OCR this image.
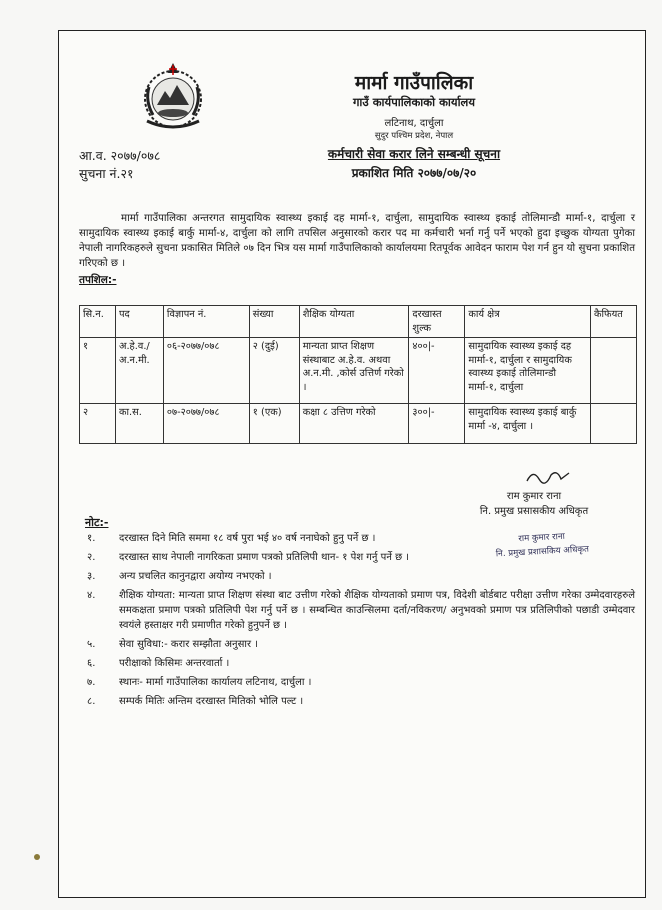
मार्मा गाउँपालिका
गाउँ कार्यपालिकाको कार्यालय
लटिनाथ, दार्चुला
सुदुर पश्चिम प्रदेश, नेपाल
कर्मचारी सेवा करार लिने सम्बन्धी सूचना
प्रकाशित मिति २०७७/०७/२०
आ.व. २०७७/०७८
सुचना नं.२१
मार्मा गाउँपालिका अन्तरगत सामुदायिक स्वास्थ्य इकाई दह मार्मा-१, दार्चुला, सामुदायिक स्वास्थ्य इकाई तोलिमान्डौ मार्मा-१, दार्चुला र सामुदायिक स्वास्थ्य इकाई बार्कु मार्मा-४, दार्चुला को लागि तपसिल अनुसारको करार पद मा कर्मचारी भर्ना गर्नु पर्ने भएको हुदा इच्छुक योग्यता पुगेका नेपाली नागरिकहरुले सुचना प्रकासित मितिले ०७ दिन भित्र यस मार्मा गाउँपालिकाको कार्यालयमा रितपूर्वक आवेदन फाराम पेश गर्न हुन यो सुचना प्रकाशित गरिएको छ ।
तपशिल:-
सि.न.	पद	विज्ञापन नं.	संख्या	शैक्षिक योग्यता	दरखास्त शुल्क	कार्य क्षेत्र	कैफियत
१	अ.हे.व./ अ.न.मी.	०६-२०७७/०७८	२ (दुई)	मान्यता प्राप्त शिक्षण संस्थाबाट अ.हे.व. अथवा अ.न.मी. ,कोर्स उत्तिर्ण गरेको ।	४००|-	सामुदायिक स्वास्थ्य इकाई दह मार्मा-१, दार्चुला र सामुदायिक स्वास्थ्य इकाई तोलिमान्डौ मार्मा-१, दार्चुला	
२	का.स.	०७-२०७७/०७८	१ (एक)	कक्षा ८ उत्तिण गरेको	३००|-	सामुदायिक स्वास्थ्य इकाई बार्कु मार्मा -४, दार्चुला ।	
राम कुमार राना
नि. प्रमुख प्रसासकीय अधिकृत
राम कुमार राना
नि. प्रमुख प्रशासकिय अधिकृत
नोट:-
१. दरखास्त दिने मिति सममा १८ वर्ष पुरा भई ४० वर्ष ननाघेको हुनु पर्ने छ ।
२. दरखास्त साथ नेपाली नागरिकता प्रमाण पत्रको प्रतिलिपी थान- १ पेश गर्नु पर्ने छ ।
३. अन्य प्रचलित कानुनद्वारा अयोग्य नभएको ।
४. शैक्षिक योग्यता: मान्यता प्राप्त शिक्षण संस्था बाट उत्तीण गरेको शैक्षिक योग्यताको प्रमाण पत्र, विदेशी बोर्डबाट परीक्षा उत्तीण गरेका उम्मेदवारहरुले समकक्षता प्रमाण पत्रको प्रतिलिपी पेश गर्नु पर्ने छ । सम्बन्धित काउन्सिलमा दर्ता/नविकरण/ अनुभवको प्रमाण पत्र प्रतिलिपीको पछाडी उम्मेदवार स्वयंले हस्ताक्षर गरी प्रमाणीत गरेको हुनुपर्ने छ ।
५. सेवा सुविधा:- करार सम्झौता अनुसार ।
६. परीक्षाको किसिमः अन्तरवार्ता ।
७. स्थानः- मार्मा गाउँपालिका कार्यालय लटिनाथ, दार्चुला ।
८. सम्पर्क मितिः अन्तिम दरखास्त मितिको भोलि पल्ट ।
